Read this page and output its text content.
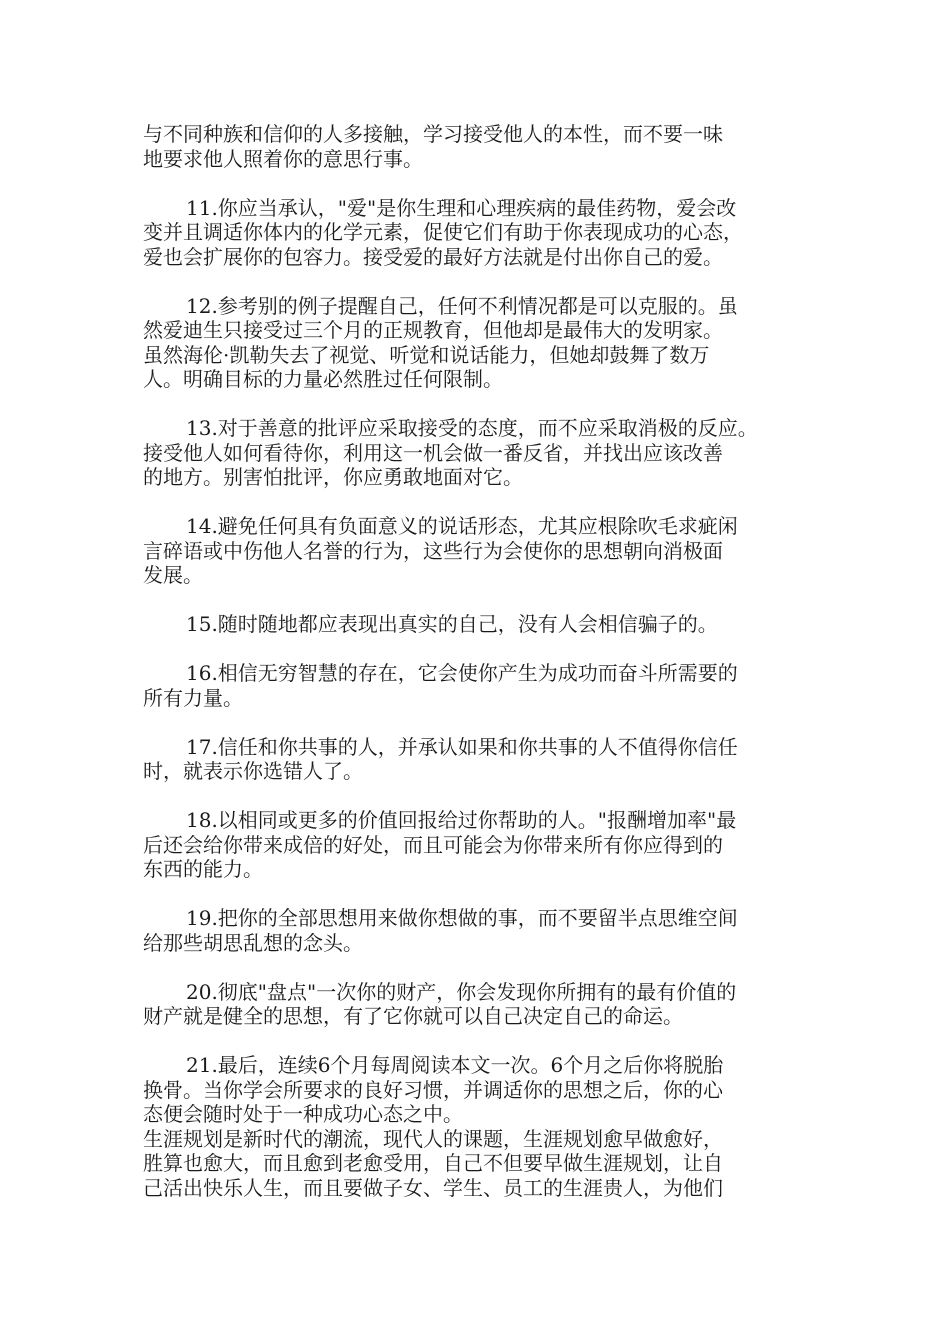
与不同种族和信仰的人多接触，学习接受他人的本性，而不要一味
地要求他人照着你的意思行事。

11.你应当承认，"爱"是你生理和心理疾病的最佳药物，爱会改
变并且调适你体内的化学元素，促使它们有助于你表现成功的心态，
爱也会扩展你的包容力。接受爱的最好方法就是付出你自己的爱。

12.参考别的例子提醒自己，任何不利情况都是可以克服的。虽
然爱迪生只接受过三个月的正规教育，但他却是最伟大的发明家。
虽然海伦·凯勒失去了视觉、听觉和说话能力，但她却鼓舞了数万
人。明确目标的力量必然胜过任何限制。

13.对于善意的批评应采取接受的态度，而不应采取消极的反应。
接受他人如何看待你，利用这一机会做一番反省，并找出应该改善
的地方。别害怕批评，你应勇敢地面对它。

14.避免任何具有负面意义的说话形态，尤其应根除吹毛求疵闲
言碎语或中伤他人名誉的行为，这些行为会使你的思想朝向消极面
发展。

15.随时随地都应表现出真实的自己，没有人会相信骗子的。

16.相信无穷智慧的存在，它会使你产生为成功而奋斗所需要的
所有力量。

17.信任和你共事的人，并承认如果和你共事的人不值得你信任
时，就表示你选错人了。

18.以相同或更多的价值回报给过你帮助的人。"报酬增加率"最
后还会给你带来成倍的好处，而且可能会为你带来所有你应得到的
东西的能力。

19.把你的全部思想用来做你想做的事，而不要留半点思维空间
给那些胡思乱想的念头。

20.彻底"盘点"一次你的财产，你会发现你所拥有的最有价值的
财产就是健全的思想，有了它你就可以自己决定自己的命运。

21.最后，连续6个月每周阅读本文一次。6个月之后你将脱胎
换骨。当你学会所要求的良好习惯，并调适你的思想之后，你的心
态便会随时处于一种成功心态之中。

生涯规划是新时代的潮流，现代人的课题，生涯规划愈早做愈好，
胜算也愈大，而且愈到老愈受用，自己不但要早做生涯规划，让自
己活出快乐人生，而且要做子女、学生、员工的生涯贵人，为他们
